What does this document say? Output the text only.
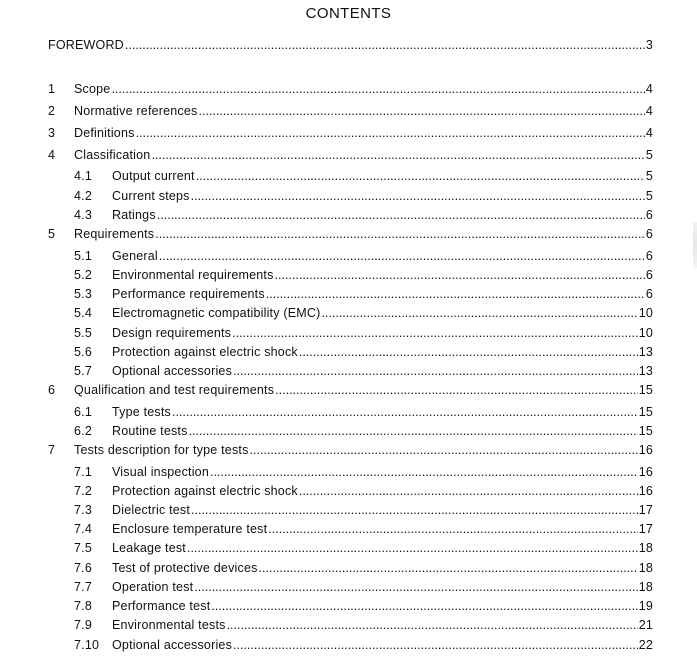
CONTENTS
FOREWORD .....	3
1 Scope .....	4
2 Normative references .....	4
3 Definitions .....	4
4 Classification .....	5
4.1 Output current .....	5
4.2 Current steps .....	5
4.3 Ratings .....	6
5 Requirements .....	6
5.1 General .....	6
5.2 Environmental requirements .....	6
5.3 Performance requirements .....	6
5.4 Electromagnetic compatibility (EMC) .....	10
5.5 Design requirements .....	10
5.6 Protection against electric shock .....	13
5.7 Optional accessories .....	13
6 Qualification and test requirements .....	15
6.1 Type tests .....	15
6.2 Routine tests .....	15
7 Tests description for type tests .....	16
7.1 Visual inspection .....	16
7.2 Protection against electric shock .....	16
7.3 Dielectric test .....	17
7.4 Enclosure temperature test .....	17
7.5 Leakage test .....	18
7.6 Test of protective devices .....	18
7.7 Operation test .....	18
7.8 Performance test .....	19
7.9 Environmental tests .....	21
7.10 Optional accessories .....	22
